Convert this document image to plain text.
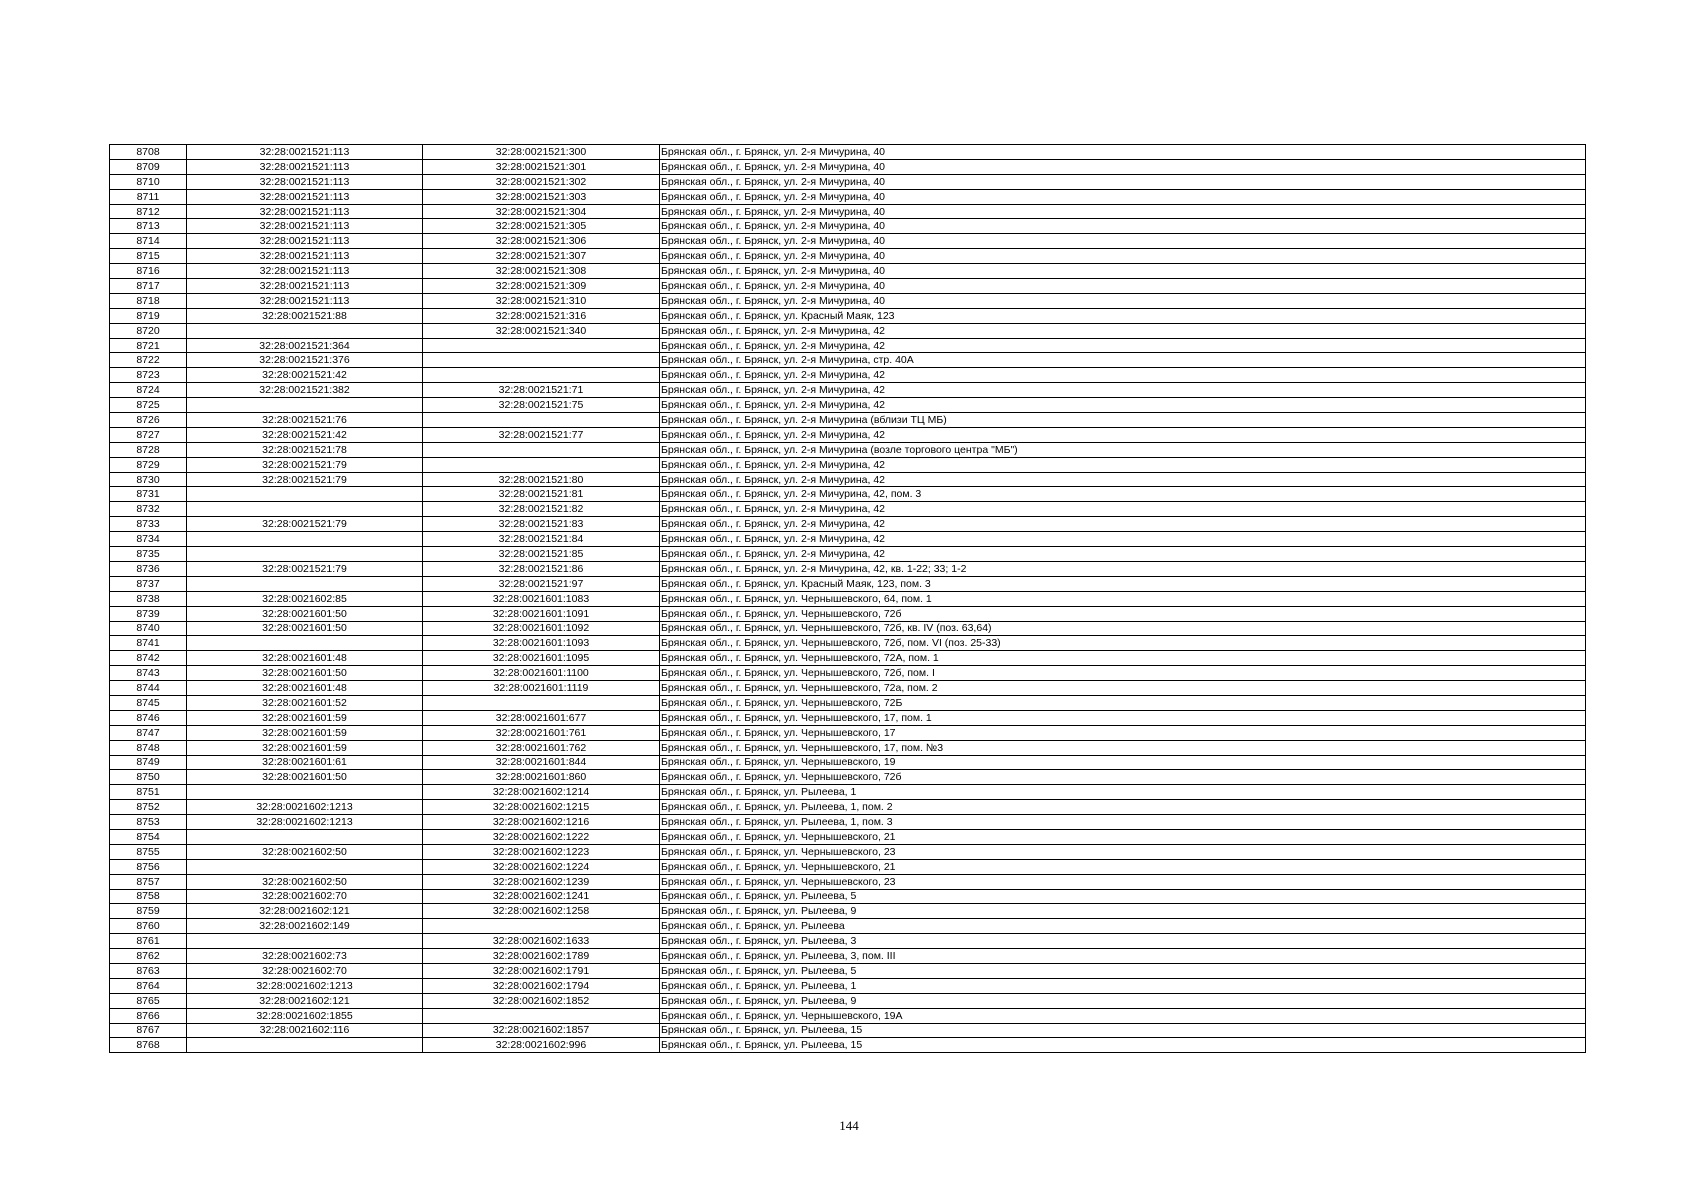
8708	32:28:0021521:113	32:28:0021521:300	Брянская обл., г. Брянск, ул. 2-я Мичурина, 40
8709	32:28:0021521:113	32:28:0021521:301	Брянская обл., г. Брянск, ул. 2-я Мичурина, 40
8710	32:28:0021521:113	32:28:0021521:302	Брянская обл., г. Брянск, ул. 2-я Мичурина, 40
8711	32:28:0021521:113	32:28:0021521:303	Брянская обл., г. Брянск, ул. 2-я Мичурина, 40
8712	32:28:0021521:113	32:28:0021521:304	Брянская обл., г. Брянск, ул. 2-я Мичурина, 40
8713	32:28:0021521:113	32:28:0021521:305	Брянская обл., г. Брянск, ул. 2-я Мичурина, 40
8714	32:28:0021521:113	32:28:0021521:306	Брянская обл., г. Брянск, ул. 2-я Мичурина, 40
8715	32:28:0021521:113	32:28:0021521:307	Брянская обл., г. Брянск, ул. 2-я Мичурина, 40
8716	32:28:0021521:113	32:28:0021521:308	Брянская обл., г. Брянск, ул. 2-я Мичурина, 40
8717	32:28:0021521:113	32:28:0021521:309	Брянская обл., г. Брянск, ул. 2-я Мичурина, 40
8718	32:28:0021521:113	32:28:0021521:310	Брянская обл., г. Брянск, ул. 2-я Мичурина, 40
8719	32:28:0021521:88	32:28:0021521:316	Брянская обл., г. Брянск, ул. Красный Маяк, 123
8720		32:28:0021521:340	Брянская обл., г. Брянск, ул. 2-я Мичурина, 42
8721	32:28:0021521:364		Брянская обл., г. Брянск, ул. 2-я Мичурина, 42
8722	32:28:0021521:376		Брянская обл., г. Брянск, ул. 2-я Мичурина, стр. 40А
8723	32:28:0021521:42		Брянская обл., г. Брянск, ул. 2-я Мичурина, 42
8724	32:28:0021521:382	32:28:0021521:71	Брянская обл., г. Брянск, ул. 2-я Мичурина, 42
8725		32:28:0021521:75	Брянская обл., г. Брянск, ул. 2-я Мичурина, 42
8726	32:28:0021521:76		Брянская обл., г. Брянск, ул. 2-я Мичурина (вблизи ТЦ МБ)
8727	32:28:0021521:42	32:28:0021521:77	Брянская обл., г. Брянск, ул. 2-я Мичурина, 42
8728	32:28:0021521:78		Брянская обл., г. Брянск, ул. 2-я Мичурина (возле торгового центра "МБ")
8729	32:28:0021521:79		Брянская обл., г. Брянск, ул. 2-я Мичурина, 42
8730	32:28:0021521:79	32:28:0021521:80	Брянская обл., г. Брянск, ул. 2-я Мичурина, 42
8731		32:28:0021521:81	Брянская обл., г. Брянск, ул. 2-я Мичурина, 42, пом. 3
8732		32:28:0021521:82	Брянская обл., г. Брянск, ул. 2-я Мичурина, 42
8733	32:28:0021521:79	32:28:0021521:83	Брянская обл., г. Брянск, ул. 2-я Мичурина, 42
8734		32:28:0021521:84	Брянская обл., г. Брянск, ул. 2-я Мичурина, 42
8735		32:28:0021521:85	Брянская обл., г. Брянск, ул. 2-я Мичурина, 42
8736	32:28:0021521:79	32:28:0021521:86	Брянская обл., г. Брянск, ул. 2-я Мичурина, 42, кв. 1-22; 33; 1-2
8737		32:28:0021521:97	Брянская обл., г. Брянск, ул. Красный Маяк, 123, пом. 3
8738	32:28:0021602:85	32:28:0021601:1083	Брянская обл., г. Брянск, ул. Чернышевского, 64, пом. 1
8739	32:28:0021601:50	32:28:0021601:1091	Брянская обл., г. Брянск, ул. Чернышевского, 72б
8740	32:28:0021601:50	32:28:0021601:1092	Брянская обл., г. Брянск, ул. Чернышевского, 72б, кв. IV (поз. 63,64)
8741		32:28:0021601:1093	Брянская обл., г. Брянск, ул. Чернышевского, 72б, пом. VI (поз. 25-33)
8742	32:28:0021601:48	32:28:0021601:1095	Брянская обл., г. Брянск, ул. Чернышевского, 72А, пом. 1
8743	32:28:0021601:50	32:28:0021601:1100	Брянская обл., г. Брянск, ул. Чернышевского, 72б, пом. I
8744	32:28:0021601:48	32:28:0021601:1119	Брянская обл., г. Брянск, ул. Чернышевского, 72а, пом. 2
8745	32:28:0021601:52		Брянская обл., г. Брянск, ул. Чернышевского, 72Б
8746	32:28:0021601:59	32:28:0021601:677	Брянская обл., г. Брянск, ул. Чернышевского, 17, пом. 1
8747	32:28:0021601:59	32:28:0021601:761	Брянская обл., г. Брянск, ул. Чернышевского, 17
8748	32:28:0021601:59	32:28:0021601:762	Брянская обл., г. Брянск, ул. Чернышевского, 17, пом. №3
8749	32:28:0021601:61	32:28:0021601:844	Брянская обл., г. Брянск, ул. Чернышевского, 19
8750	32:28:0021601:50	32:28:0021601:860	Брянская обл., г. Брянск, ул. Чернышевского, 72б
8751		32:28:0021602:1214	Брянская обл., г. Брянск, ул. Рылеева, 1
8752	32:28:0021602:1213	32:28:0021602:1215	Брянская обл., г. Брянск, ул. Рылеева, 1, пом. 2
8753	32:28:0021602:1213	32:28:0021602:1216	Брянская обл., г. Брянск, ул. Рылеева, 1, пом. 3
8754		32:28:0021602:1222	Брянская обл., г. Брянск, ул. Чернышевского, 21
8755	32:28:0021602:50	32:28:0021602:1223	Брянская обл., г. Брянск, ул. Чернышевского, 23
8756		32:28:0021602:1224	Брянская обл., г. Брянск, ул. Чернышевского, 21
8757	32:28:0021602:50	32:28:0021602:1239	Брянская обл., г. Брянск, ул. Чернышевского, 23
8758	32:28:0021602:70	32:28:0021602:1241	Брянская обл., г. Брянск, ул. Рылеева, 5
8759	32:28:0021602:121	32:28:0021602:1258	Брянская обл., г. Брянск, ул. Рылеева, 9
8760	32:28:0021602:149		Брянская обл., г. Брянск, ул. Рылеева
8761		32:28:0021602:1633	Брянская обл., г. Брянск, ул. Рылеева, 3
8762	32:28:0021602:73	32:28:0021602:1789	Брянская обл., г. Брянск, ул. Рылеева, 3, пом. III
8763	32:28:0021602:70	32:28:0021602:1791	Брянская обл., г. Брянск, ул. Рылеева, 5
8764	32:28:0021602:1213	32:28:0021602:1794	Брянская обл., г. Брянск, ул. Рылеева, 1
8765	32:28:0021602:121	32:28:0021602:1852	Брянская обл., г. Брянск, ул. Рылеева, 9
8766	32:28:0021602:1855		Брянская обл., г. Брянск, ул. Чернышевского, 19А
8767	32:28:0021602:116	32:28:0021602:1857	Брянская обл., г. Брянск, ул. Рылеева, 15
8768		32:28:0021602:996	Брянская обл., г. Брянск, ул. Рылеева, 15
144
